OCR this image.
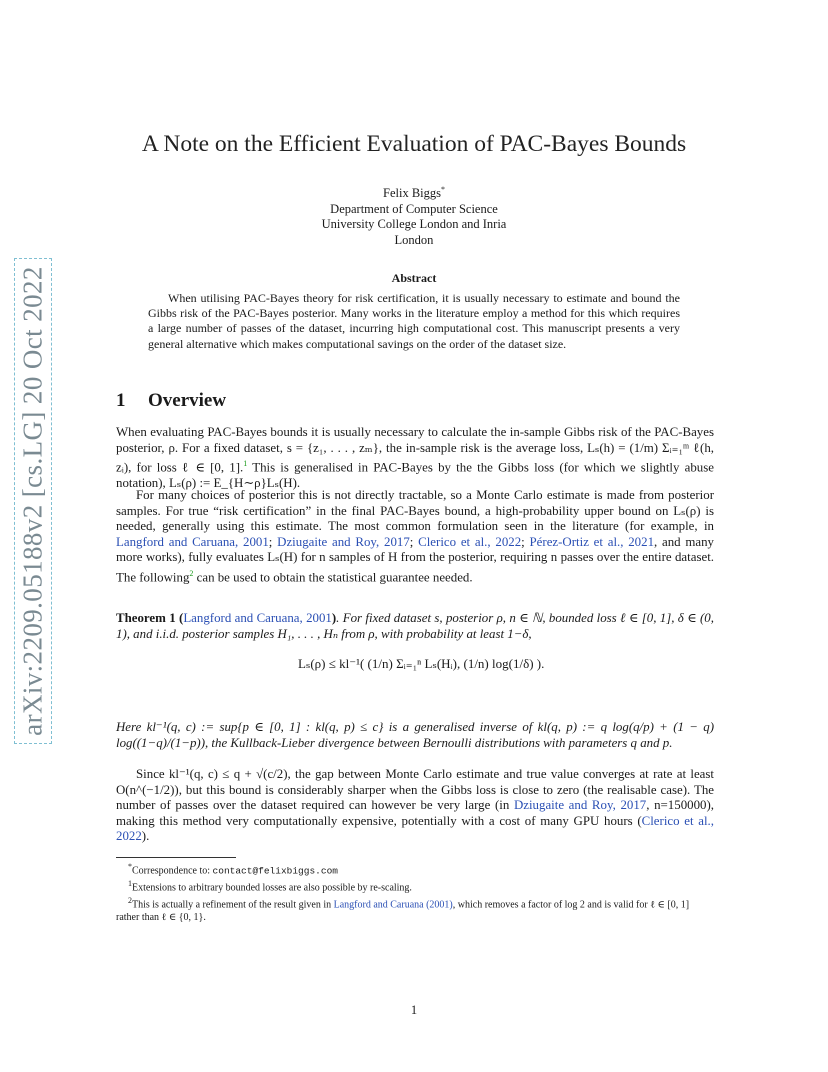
arXiv:2209.05188v2 [cs.LG] 20 Oct 2022
A Note on the Efficient Evaluation of PAC-Bayes Bounds
Felix Biggs*
Department of Computer Science
University College London and Inria
London
Abstract

When utilising PAC-Bayes theory for risk certification, it is usually necessary to estimate and bound the Gibbs risk of the PAC-Bayes posterior. Many works in the literature employ a method for this which requires a large number of passes of the dataset, incurring high computational cost. This manuscript presents a very general alternative which makes computational savings on the order of the dataset size.

1 Overview

When evaluating PAC-Bayes bounds it is usually necessary to calculate the in-sample Gibbs risk of the PAC-Bayes posterior, ρ. For a fixed dataset, s = {z₁, . . . , zₘ}, the in-sample risk is the average loss, Lₛ(h) = (1/m) Σᵢ₌₁ᵐ ℓ(h, zᵢ), for loss ℓ ∈ [0, 1].$^1$ This is generalised in PAC-Bayes by the the Gibbs loss (for which we slightly abuse notation), Lₛ(ρ) := E_{H∼ρ}Lₛ(H).

For many choices of posterior this is not directly tractable, so a Monte Carlo estimate is made from posterior samples. For true “risk certification” in the final PAC-Bayes bound, a high-probability upper bound on Lₛ(ρ) is needed, generally using this estimate. The most common formulation seen in the literature (for example, in Langford and Caruana, 2001; Dziugaite and Roy, 2017; Clerico et al., 2022; Pérez-Ortiz et al., 2021, and many more works), fully evaluates Lₛ(H) for n samples of H from the posterior, requiring n passes over the entire dataset. The following$^2$ can be used to obtain the statistical guarantee needed.

Theorem 1 (Langford and Caruana, 2001). For fixed dataset s, posterior ρ, n ∈ ℕ, bounded loss ℓ ∈ [0, 1], δ ∈ (0, 1), and i.i.d. posterior samples H₁, . . . , Hₙ from ρ, with probability at least 1−δ,

Lₛ(ρ) ≤ kl⁻¹( (1/n) Σᵢ₌₁ⁿ Lₛ(Hᵢ), (1/n) log(1/δ) ).

Here kl⁻¹(q, c) := sup{p ∈ [0, 1] : kl(q, p) ≤ c} is a generalised inverse of kl(q, p) := q log(q/p) + (1 − q) log((1−q)/(1−p)), the Kullback-Lieber divergence between Bernoulli distributions with parameters q and p.

Since kl⁻¹(q, c) ≤ q + √(c/2), the gap between Monte Carlo estimate and true value converges at rate at least O(n^(−1/2)), but this bound is considerably sharper when the Gibbs loss is close to zero (the realisable case). The number of passes over the dataset required can however be very large (in Dziugaite and Roy, 2017, n=150000), making this method very computationally expensive, potentially with a cost of many GPU hours (Clerico et al., 2022).

*Correspondence to: contact@felixbiggs.com
$^1$Extensions to arbitrary bounded losses are also possible by re-scaling.
$^2$This is actually a refinement of the result given in Langford and Caruana (2001), which removes a factor of log 2 and is valid for ℓ ∈ [0, 1] rather than ℓ ∈ {0, 1}.
1
